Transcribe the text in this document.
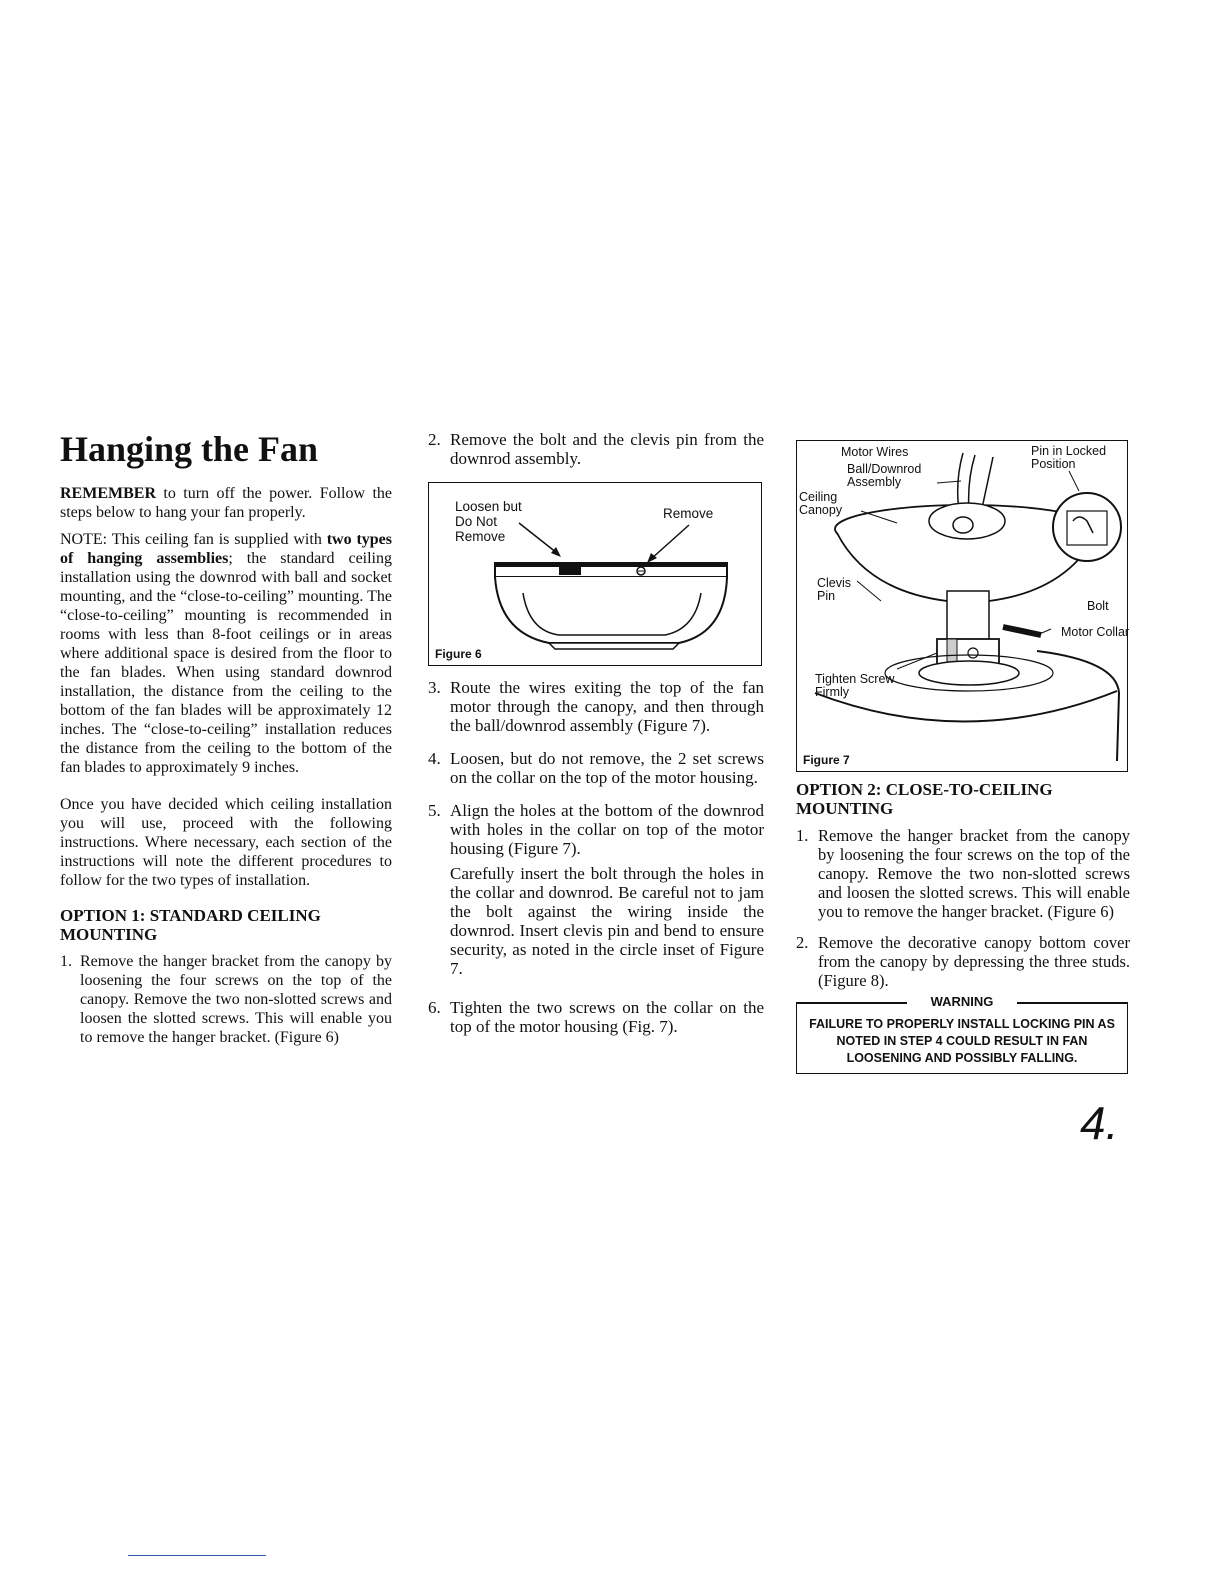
Hanging the Fan

REMEMBER to turn off the power. Follow the steps below to hang your fan properly.

NOTE: This ceiling fan is supplied with two types of hanging assemblies; the standard ceiling installation using the downrod with ball and socket mounting, and the “close-to-ceiling” mounting. The “close-to-ceiling” mounting is recommended in rooms with less than 8-foot ceilings or in areas where additional space is desired from the floor to the fan blades. When using standard downrod installation, the distance from the ceiling to the bottom of the fan blades will be approximately 12 inches. The “close-to-ceiling” installation reduces the distance from the ceiling to the bottom of the fan blades to approximately 9 inches.

Once you have decided which ceiling installation you will use, proceed with the following instructions. Where necessary, each section of the instructions will note the different procedures to follow for the two types of installation.

OPTION 1: STANDARD CEILING MOUNTING
1. Remove the hanger bracket from the canopy by loosening the four screws on the top of the canopy. Remove the two non-slotted screws and loosen the slotted screws. This will enable you to remove the hanger bracket. (Figure 6)
2. Remove the bolt and the clevis pin from the downrod assembly.
Loosen but
Do Not
Remove
Remove
Figure 6
3. Route the wires exiting the top of the fan motor through the canopy, and then through the ball/downrod assembly (Figure 7).
4. Loosen, but do not remove, the 2 set screws on the collar on the top of the motor housing.
5. Align the holes at the bottom of the downrod with holes in the collar on top of the motor housing (Figure 7).

Carefully insert the bolt through the holes in the collar and downrod. Be careful not to jam the bolt against the wiring inside the downrod. Insert clevis pin and bend to ensure security, as noted in the circle inset of Figure 7.

6. Tighten the two screws on the collar on the top of the motor housing (Fig. 7).
Motor Wires
Ball/Downrod
Assembly
Pin in Locked
Position
Ceiling
Canopy
Clevis
Pin
Bolt
Motor Collar
Tighten Screw
Firmly
Figure 7
OPTION 2: CLOSE-TO-CEILING MOUNTING
1. Remove the hanger bracket from the canopy by loosening the four screws on the top of the canopy. Remove the two non-slotted screws and loosen the slotted screws. This will enable you to remove the hanger bracket. (Figure 6)
2. Remove the decorative canopy bottom cover from the canopy by depressing the three studs. (Figure 8).
WARNING
FAILURE TO PROPERLY INSTALL LOCKING PIN AS NOTED IN STEP 4 COULD RESULT IN FAN LOOSENING AND POSSIBLY FALLING.
4.
